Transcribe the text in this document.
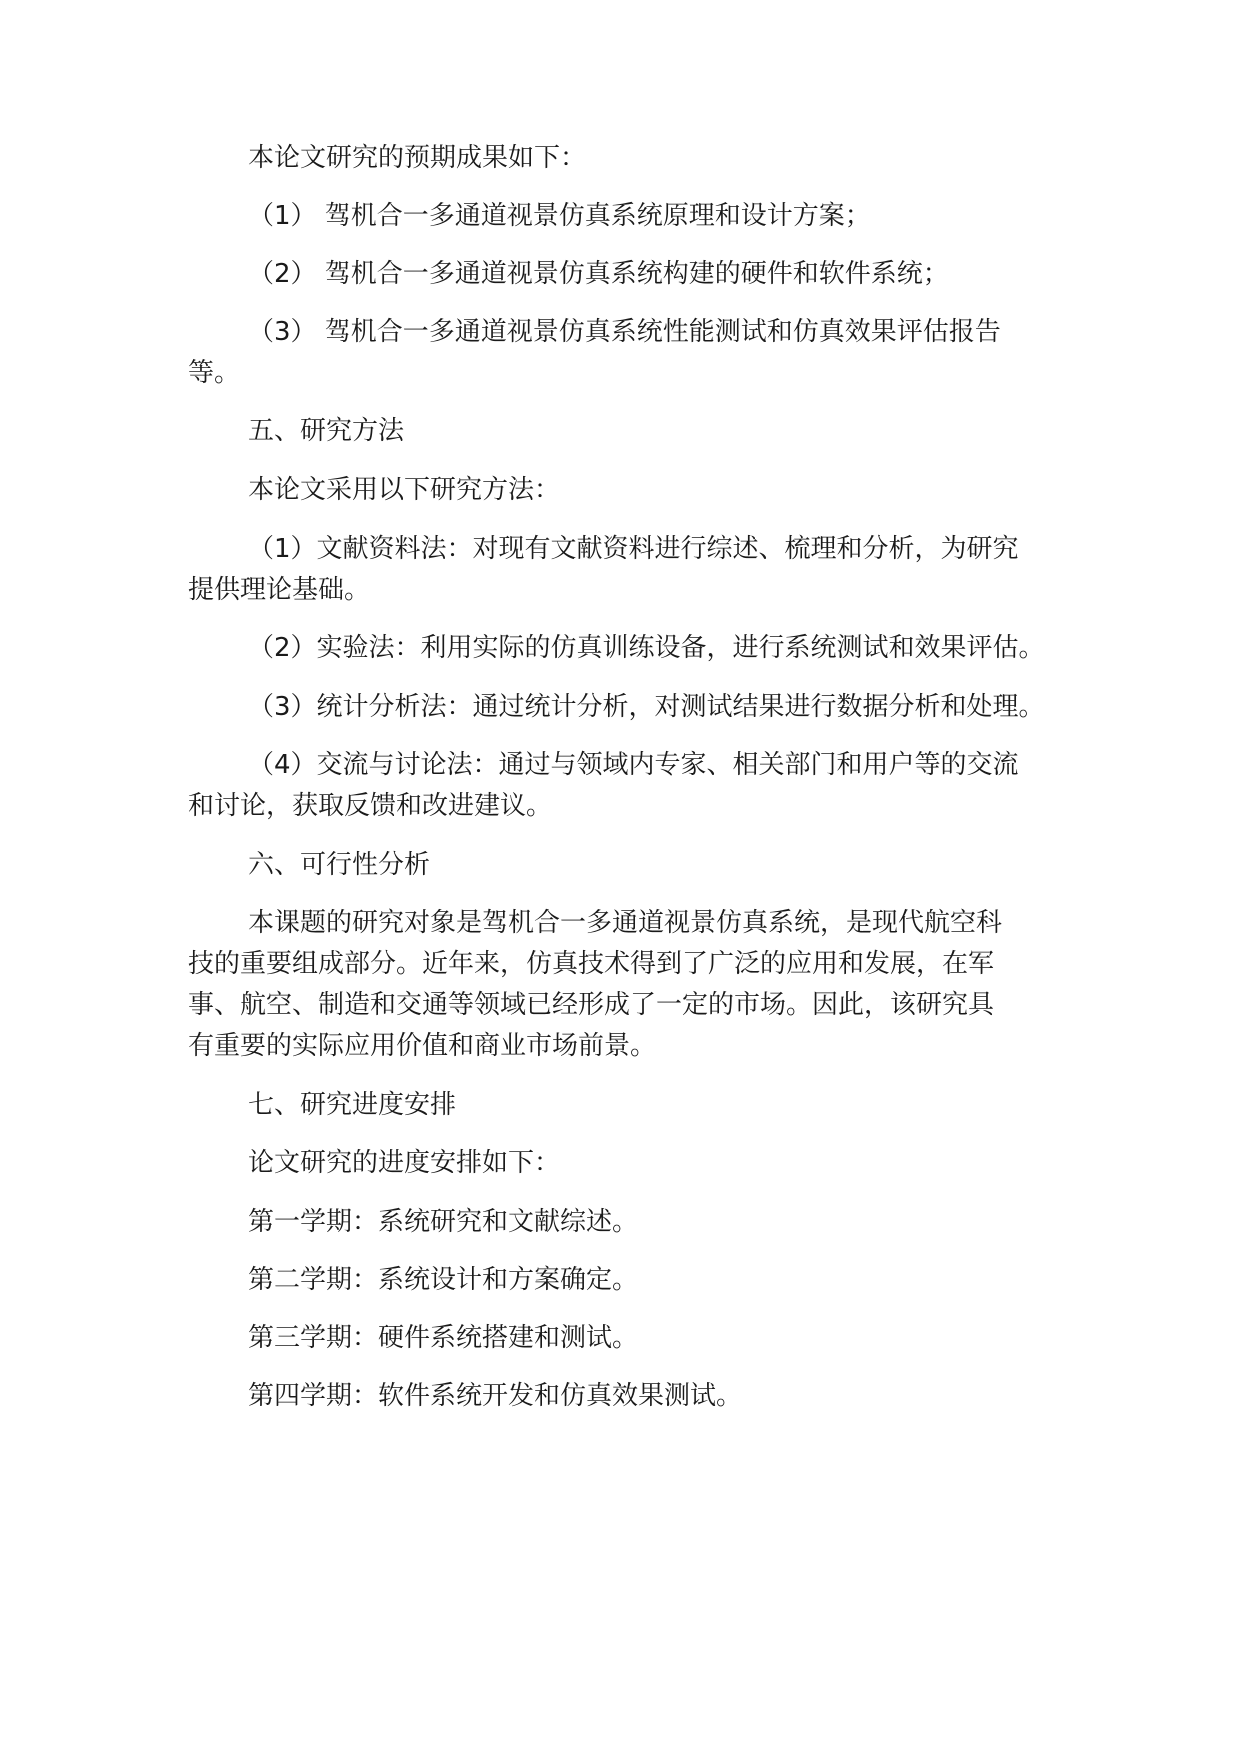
本论文研究的预期成果如下：
（1） 驾机合一多通道视景仿真系统原理和设计方案；
（2） 驾机合一多通道视景仿真系统构建的硬件和软件系统；
（3） 驾机合一多通道视景仿真系统性能测试和仿真效果评估报告
等。
五、研究方法
本论文采用以下研究方法：
（1）文献资料法：对现有文献资料进行综述、梳理和分析，为研究
提供理论基础。
（2）实验法：利用实际的仿真训练设备，进行系统测试和效果评估。
（3）统计分析法：通过统计分析，对测试结果进行数据分析和处理。
（4）交流与讨论法：通过与领域内专家、相关部门和用户等的交流
和讨论，获取反馈和改进建议。
六、可行性分析
本课题的研究对象是驾机合一多通道视景仿真系统，是现代航空科
技的重要组成部分。近年来，仿真技术得到了广泛的应用和发展，在军
事、航空、制造和交通等领域已经形成了一定的市场。因此，该研究具
有重要的实际应用价值和商业市场前景。
七、研究进度安排
论文研究的进度安排如下：
第一学期：系统研究和文献综述。
第二学期：系统设计和方案确定。
第三学期：硬件系统搭建和测试。
第四学期：软件系统开发和仿真效果测试。
